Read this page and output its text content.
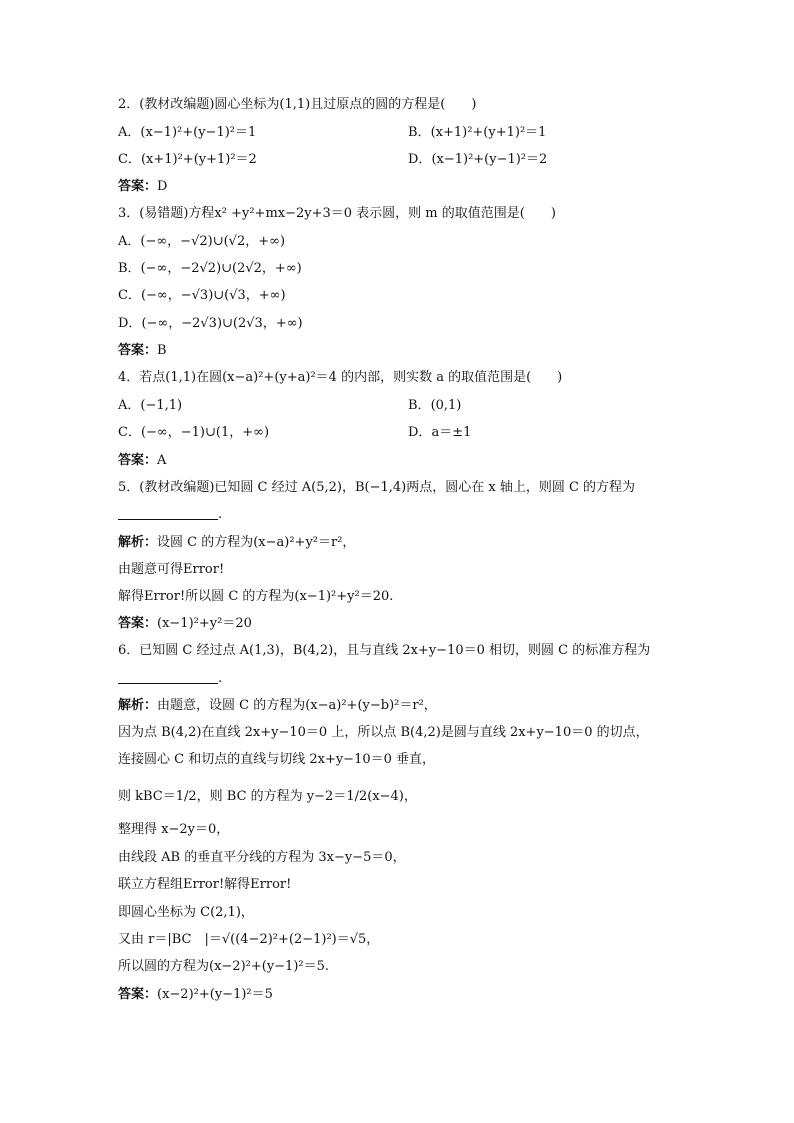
2．(教材改编题)圆心坐标为(1,1)且过原点的圆的方程是(　　)
A．(x−1)²+(y−1)²＝1	B．(x+1)²+(y+1)²＝1
C．(x+1)²+(y+1)²＝2	D．(x−1)²+(y−1)²＝2
答案：D
3．(易错题)方程x² +y²+mx−2y+3＝0 表示圆，则 m 的取值范围是(　　)
A．(−∞，−√2)∪(√2，+∞)
B．(−∞，−2√2)∪(2√2，+∞)
C．(−∞，−√3)∪(√3，+∞)
D．(−∞，−2√3)∪(2√3，+∞)
答案：B
4．若点(1,1)在圆(x−a)²+(y+a)²＝4 的内部，则实数 a 的取值范围是(　　)
A．(−1,1)	B．(0,1)
C．(−∞，−1)∪(1，+∞)	D．a＝±1
答案：A
5．(教材改编题)已知圆 C 经过 A(5,2)，B(−1,4)两点，圆心在 x 轴上，则圆 C 的方程为
.
解析：设圆 C 的方程为(x−a)²+y²＝r²，
由题意可得Error!
解得Error!所以圆 C 的方程为(x−1)²+y²＝20.
答案：(x−1)²+y²＝20
6．已知圆 C 经过点 A(1,3)，B(4,2)，且与直线 2x+y−10＝0 相切，则圆 C 的标准方程为
.
解析：由题意，设圆 C 的方程为(x−a)²+(y−b)²＝r²，
因为点 B(4,2)在直线 2x+y−10＝0 上，所以点 B(4,2)是圆与直线 2x+y−10＝0 的切点，
连接圆心 C 和切点的直线与切线 2x+y−10＝0 垂直，
则 kBC＝1/2，则 BC 的方程为 y−2＝1/2(x−4)，
整理得 x−2y＝0，
由线段 AB 的垂直平分线的方程为 3x−y−5＝0，
联立方程组Error!解得Error!
即圆心坐标为 C(2,1)，
又由 r＝|BC　|＝√((4−2)²+(2−1)²)＝√5，
所以圆的方程为(x−2)²+(y−1)²＝5.
答案：(x−2)²+(y−1)²＝5
